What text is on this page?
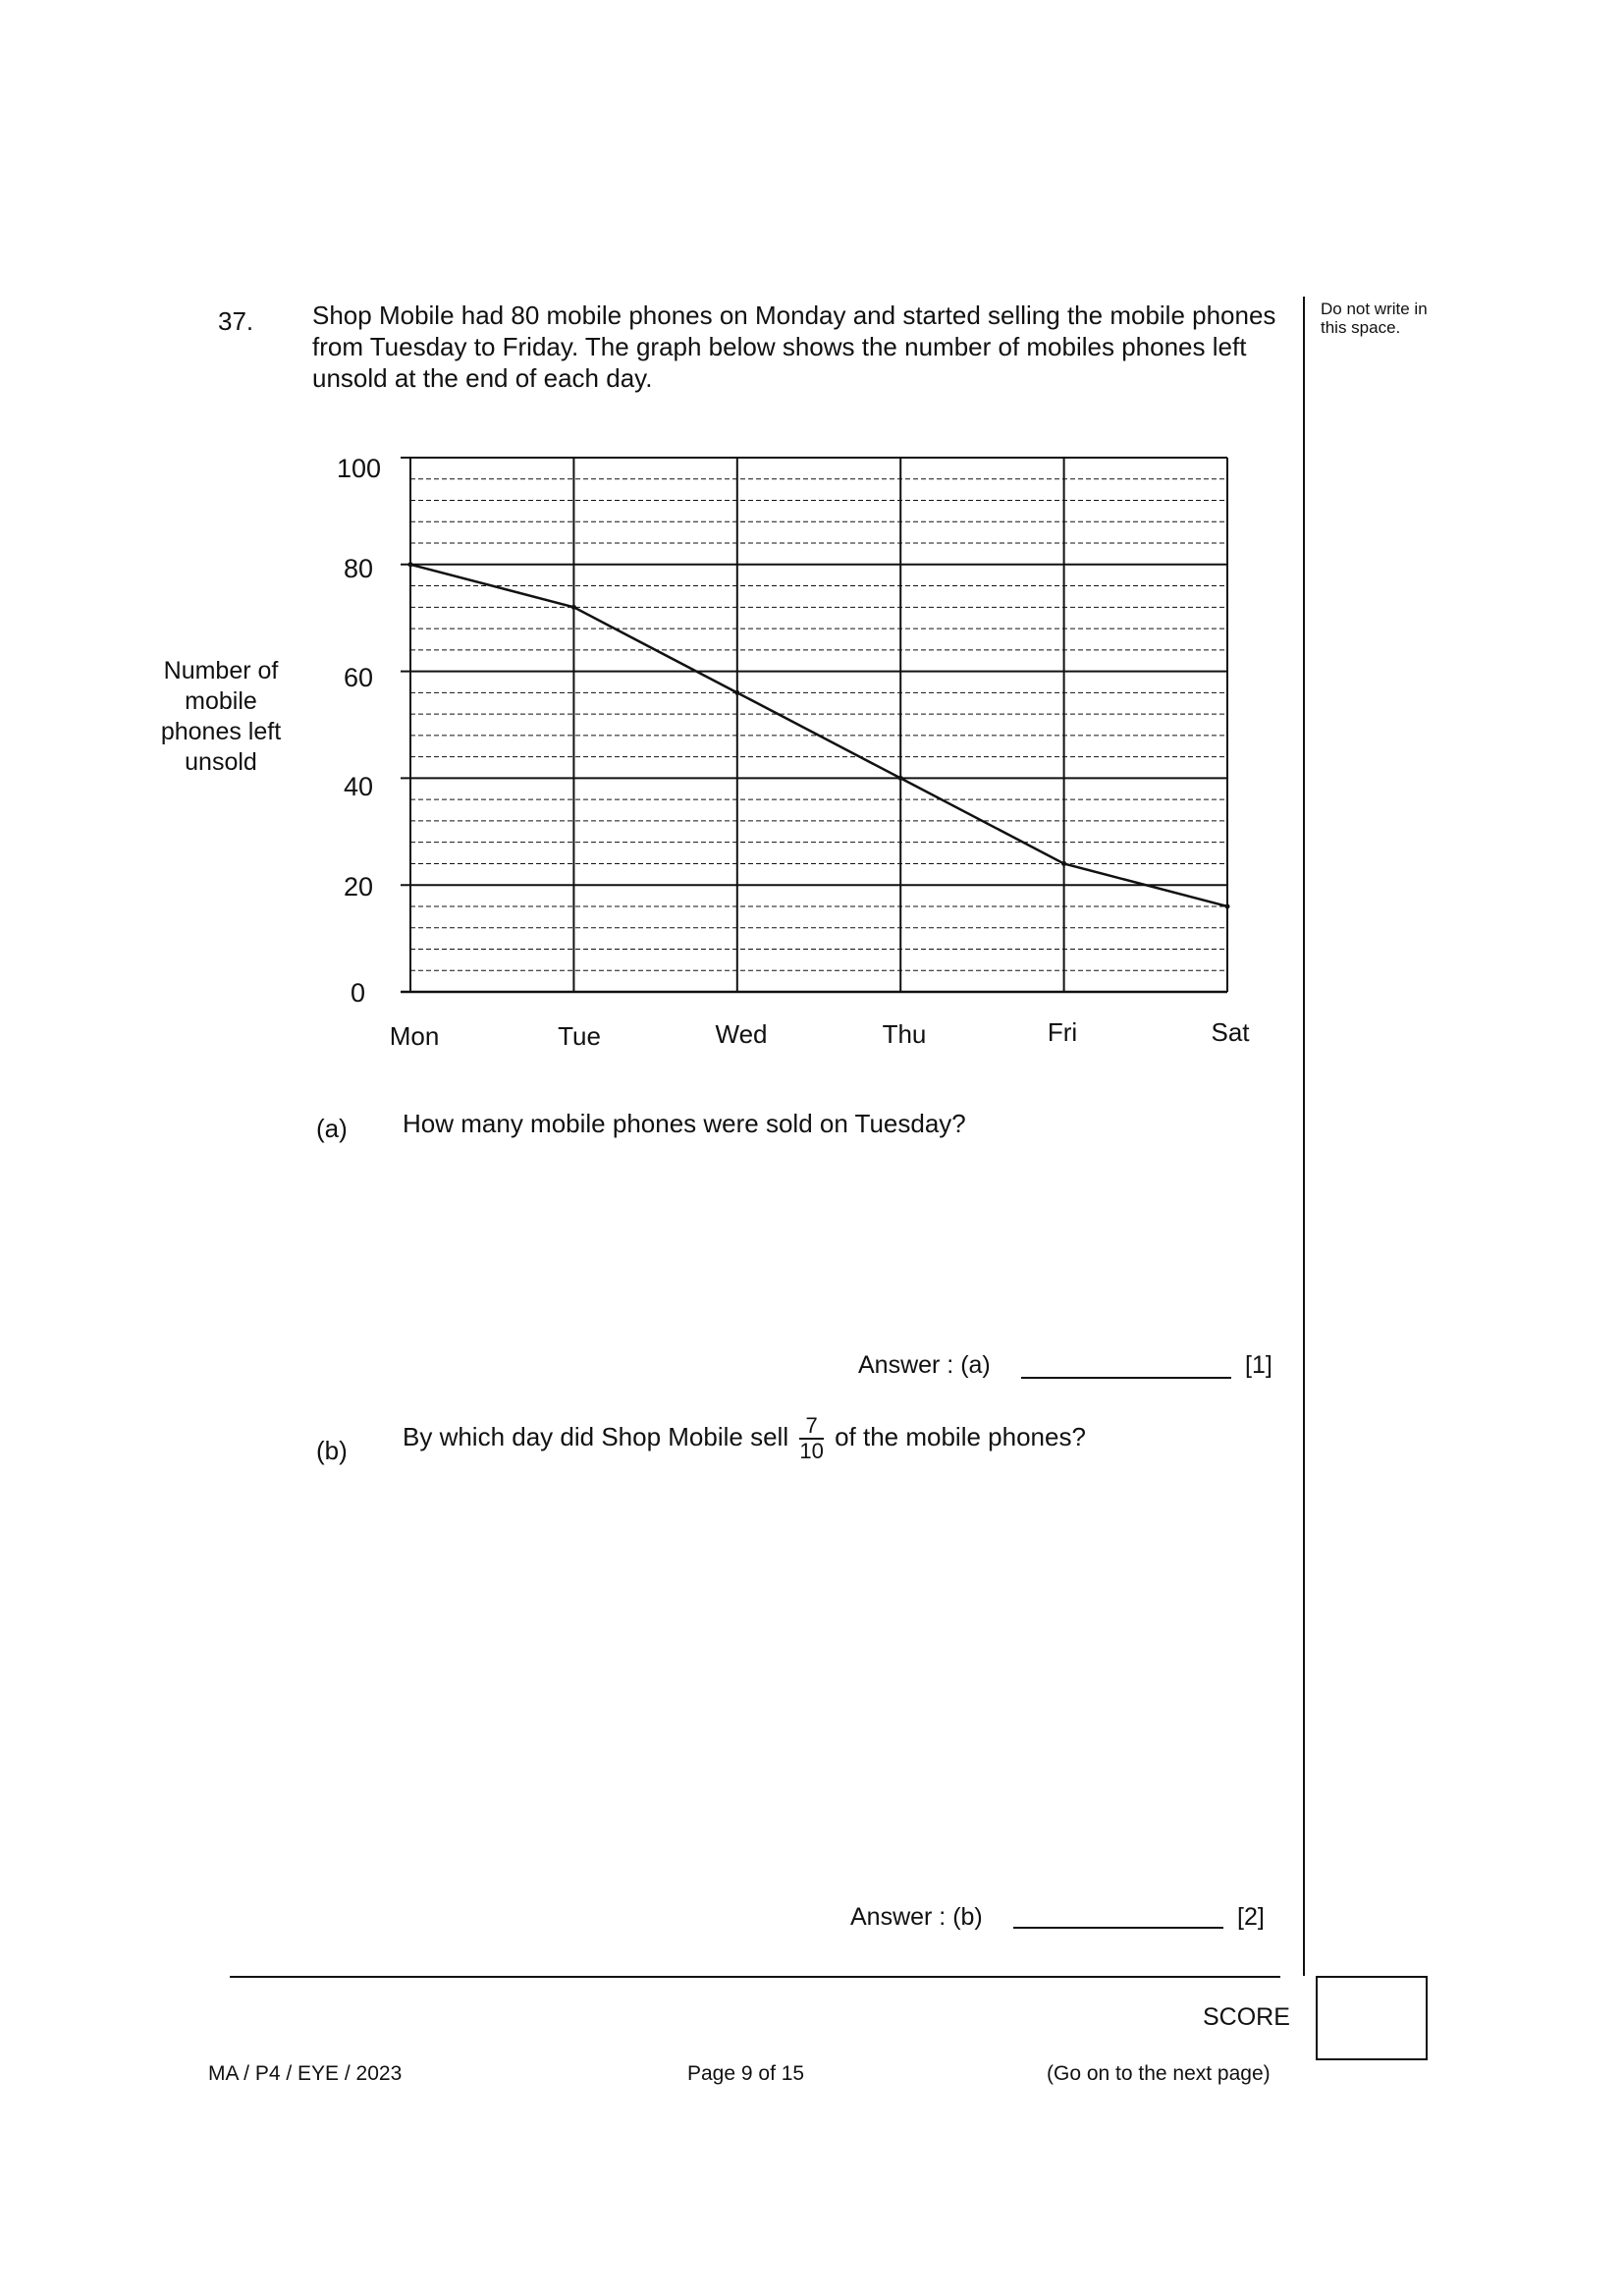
37. Shop Mobile had 80 mobile phones on Monday and started selling the mobile phones from Tuesday to Friday. The graph below shows the number of mobiles phones left unsold at the end of each day.
Do not write in this space.
Number of mobile phones left unsold
100
80
60
40
20
0
Mon	Tue	Wed	Thu	Fri	Sat
(a) How many mobile phones were sold on Tuesday?
Answer : (a)	[1]
(b) By which day did Shop Mobile sell $\frac{7}{10}$ of the mobile phones?
Answer : (b)	[2]
SCORE
MA / P4 / EYE / 2023	Page 9 of 15	(Go on to the next page)
